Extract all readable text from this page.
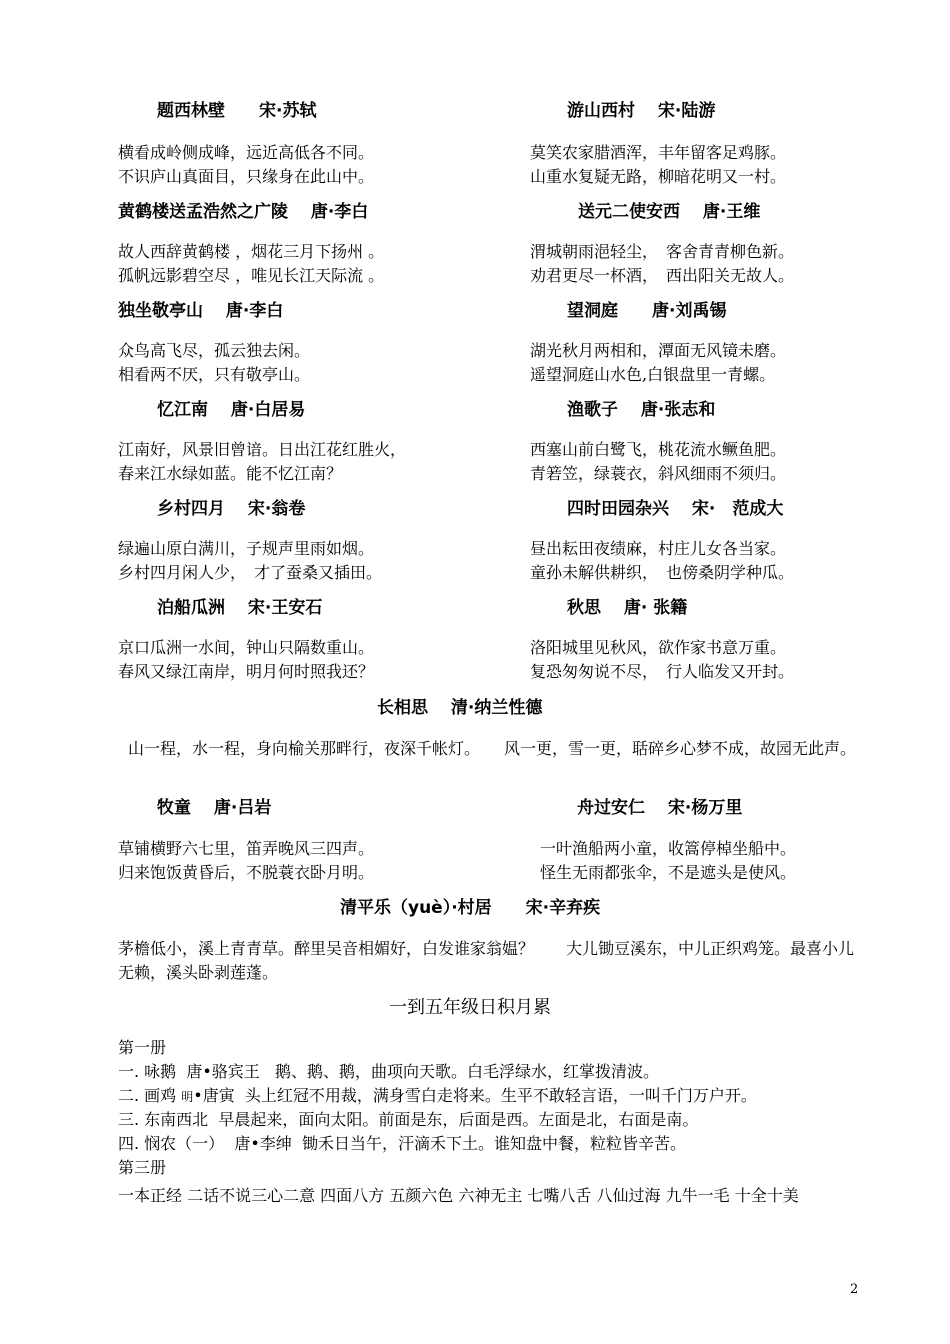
题西林壁　　宋·苏轼	游山西村　 宋·陆游
横看成岭侧成峰，远近高低各不同。
不识庐山真面目，只缘身在此山中。
莫笑农家腊酒浑，丰年留客足鸡豚。
山重水复疑无路，柳暗花明又一村。
黄鹤楼送孟浩然之广陵　 唐·李白	送元二使安西　 唐·王维
故人西辞黄鹤楼 ，烟花三月下扬州 。
孤帆远影碧空尽 ，唯见长江天际流 。
渭城朝雨浥轻尘，　客舍青青柳色新。
劝君更尽一杯酒，　西出阳关无故人。
独坐敬亭山　 唐·李白	望洞庭　　唐·刘禹锡
众鸟高飞尽，孤云独去闲。
相看两不厌，只有敬亭山。
湖光秋月两相和，潭面无风镜未磨。
遥望洞庭山水色,白银盘里一青螺。
忆江南　 唐·白居易	渔歌子　 唐·张志和
江南好，风景旧曾谙。日出江花红胜火，
春来江水绿如蓝。能不忆江南？
西塞山前白鹭飞，桃花流水鳜鱼肥。
青箬笠，绿蓑衣，斜风细雨不须归。
乡村四月　 宋·翁卷	四时田园杂兴　 宋·　范成大
绿遍山原白满川，子规声里雨如烟。
乡村四月闲人少，　才了蚕桑又插田。
昼出耘田夜绩麻，村庄儿女各当家。
童孙未解供耕织，　也傍桑阴学种瓜。
泊船瓜洲　 宋·王安石	秋思　 唐· 张籍
京口瓜洲一水间，钟山只隔数重山。
春风又绿江南岸，明月何时照我还？
洛阳城里见秋风，欲作家书意万重。
复恐匆匆说不尽，　行人临发又开封。
长相思　 清·纳兰性德
山一程，水一程，身向榆关那畔行，夜深千帐灯。　　风一更，雪一更，聒碎乡心梦不成，故园无此声。
牧童　 唐·吕岩	舟过安仁　 宋·杨万里
草铺横野六七里，笛弄晚风三四声。
归来饱饭黄昏后，不脱蓑衣卧月明。
一叶渔船两小童，收篙停棹坐船中。
怪生无雨都张伞，不是遮头是使风。
清平乐（yuè）·村居　　宋·辛弃疾
茅檐低小，溪上青青草。醉里吴音相媚好，白发谁家翁媪？　　大儿锄豆溪东，中儿正织鸡笼。最喜小儿无赖，溪头卧剥莲蓬。
一到五年级日积月累
第一册
一. 咏鹅  唐•骆宾王   鹅、鹅、鹅，曲项向天歌。白毛浮绿水，红掌拨清波。
二. 画鸡 明•唐寅  头上红冠不用裁，满身雪白走将来。生平不敢轻言语，一叫千门万户开。
三. 东南西北  早晨起来，面向太阳。前面是东，后面是西。左面是北，右面是南。
四. 悯农（一）  唐•李绅  锄禾日当午，汗滴禾下土。谁知盘中餐，粒粒皆辛苦。
第三册
一本正经 二话不说三心二意 四面八方 五颜六色 六神无主 七嘴八舌 八仙过海 九牛一毛 十全十美
2
